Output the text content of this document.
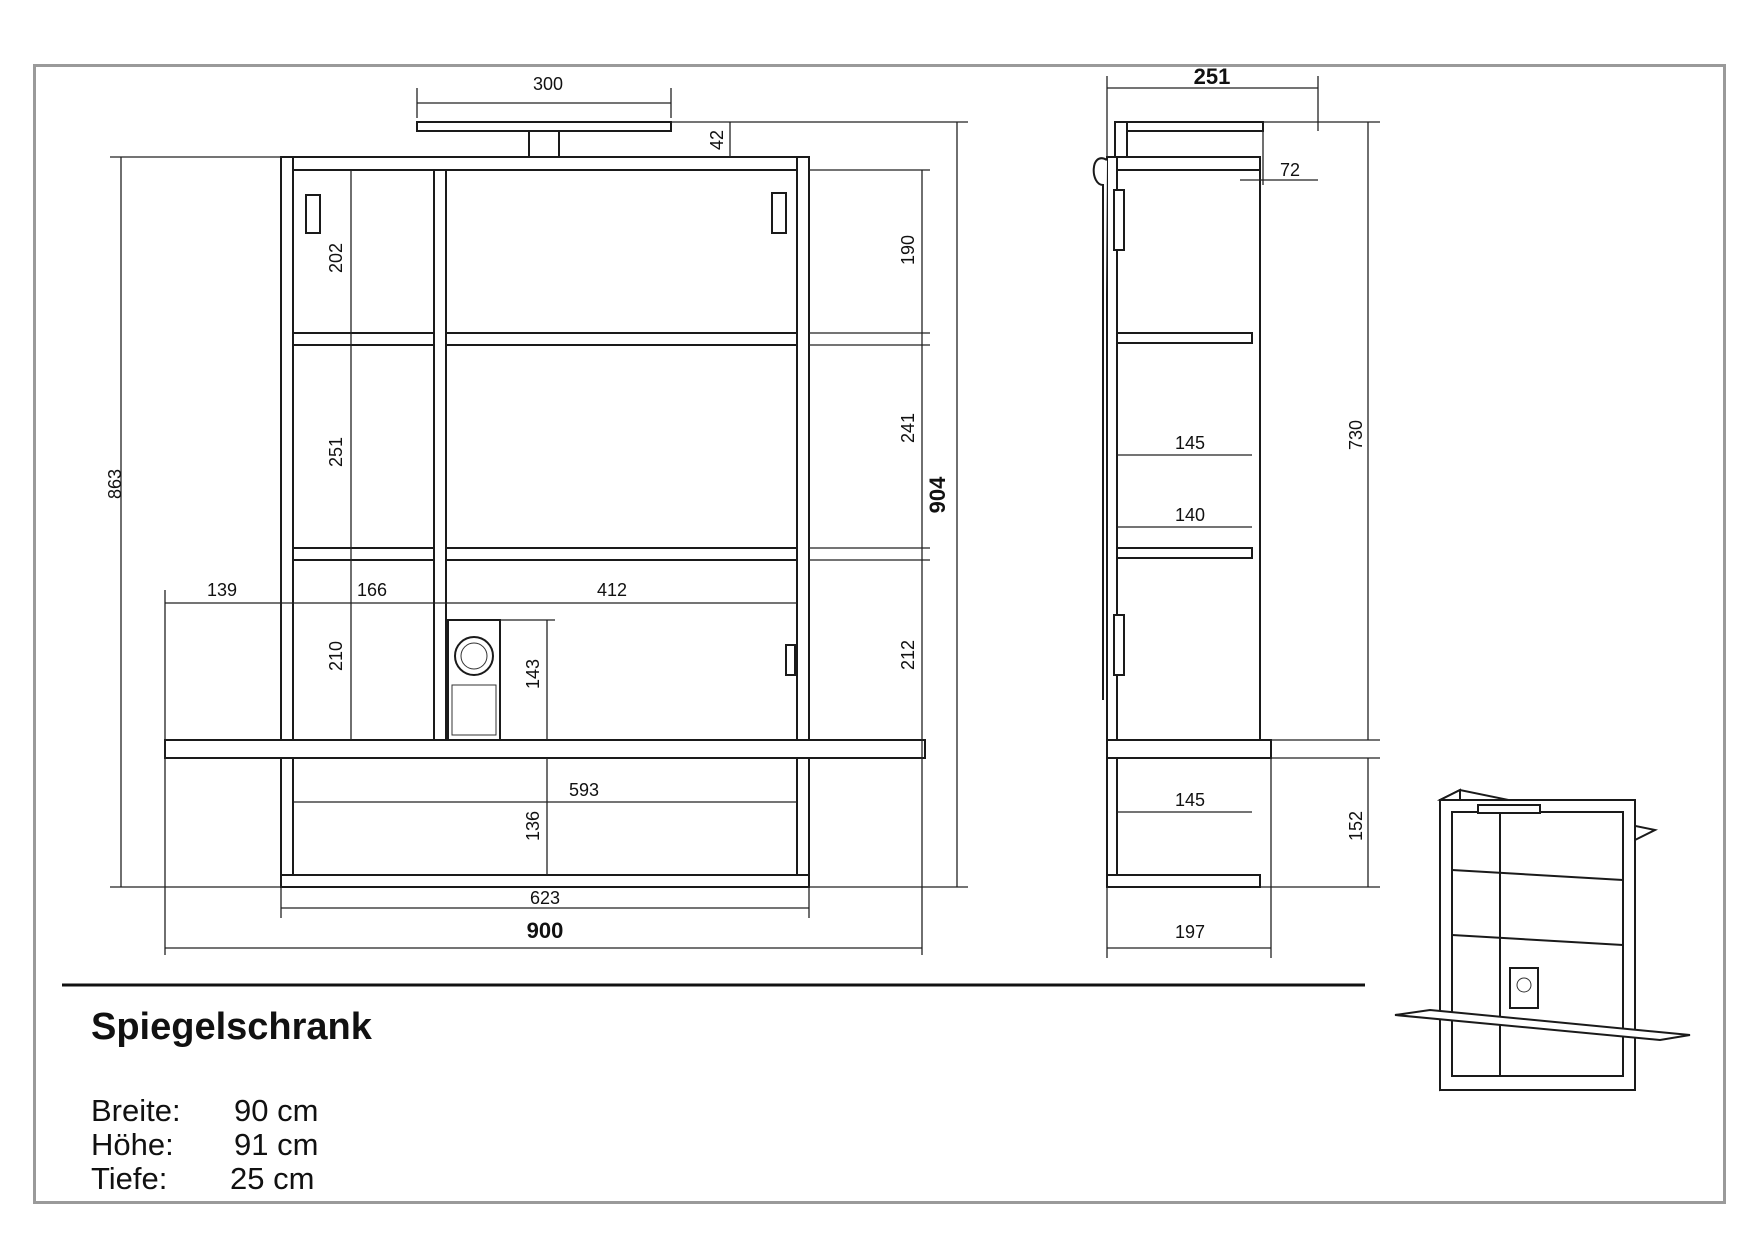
300
42
863	904
202
251
210
190
241
212
139	166	412
143
593
136
623
900
251
72
730
152
145
140
145
197
Spiegelschrank
Breite: 90 cm
Höhe: 91 cm
Tiefe: 25 cm
